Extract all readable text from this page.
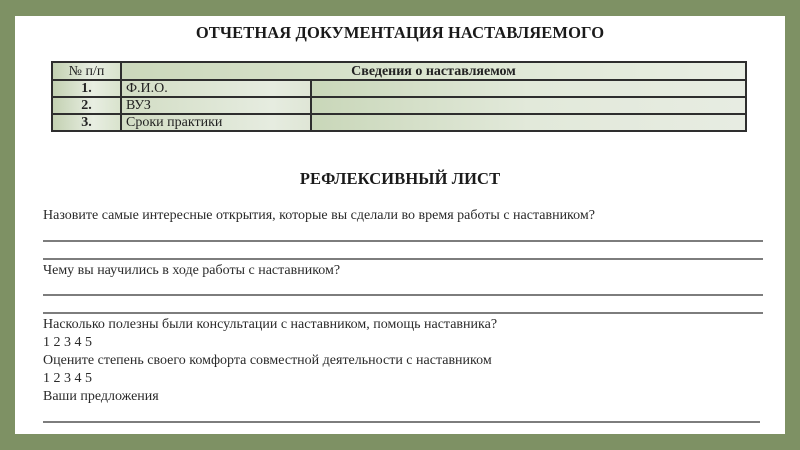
ОТЧЕТНАЯ ДОКУМЕНТАЦИЯ НАСТАВЛЯЕМОГО
№ п/п	Сведения о наставляемом	
1.	Ф.И.О.	
2.	ВУЗ	
3.	Сроки практики	
РЕФЛЕКСИВНЫЙ ЛИСТ
Назовите самые интересные открытия, которые вы сделали во время работы с наставником?
Чему вы научились в ходе работы с наставником?
Насколько полезны были консультации с наставником, помощь наставника?
1 2 3 4 5
Оцените степень своего комфорта совместной деятельности с наставником
1 2 3 4 5
Ваши предложения
